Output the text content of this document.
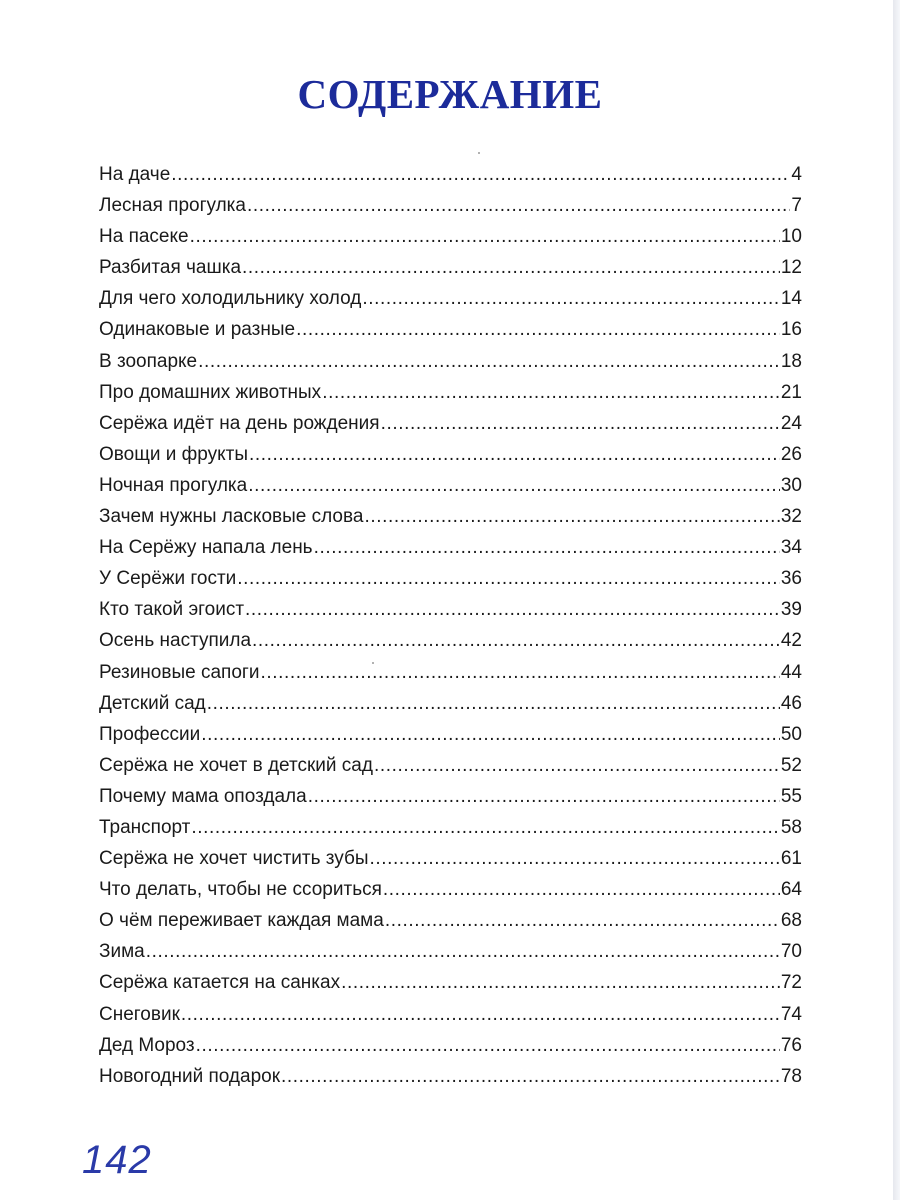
СОДЕРЖАНИЕ
На даче .....	4
Лесная прогулка .....	7
На пасеке .....	10
Разбитая чашка .....	12
Для чего холодильнику холод .....	14
Одинаковые и разные .....	16
В зоопарке .....	18
Про домашних животных .....	21
Серёжа идёт на день рождения .....	24
Овощи и фрукты .....	26
Ночная прогулка .....	30
Зачем нужны ласковые слова .....	32
На Серёжу напала лень .....	34
У Серёжи гости .....	36
Кто такой эгоист .....	39
Осень наступила .....	42
Резиновые сапоги .....	44
Детский сад .....	46
Профессии .....	50
Серёжа не хочет в детский сад .....	52
Почему мама опоздала .....	55
Транспорт .....	58
Серёжа не хочет чистить зубы .....	61
Что делать, чтобы не ссориться .....	64
О чём переживает каждая мама .....	68
Зима .....	70
Серёжа катается на санках .....	72
Снеговик .....	74
Дед Мороз .....	76
Новогодний подарок .....	78
142
